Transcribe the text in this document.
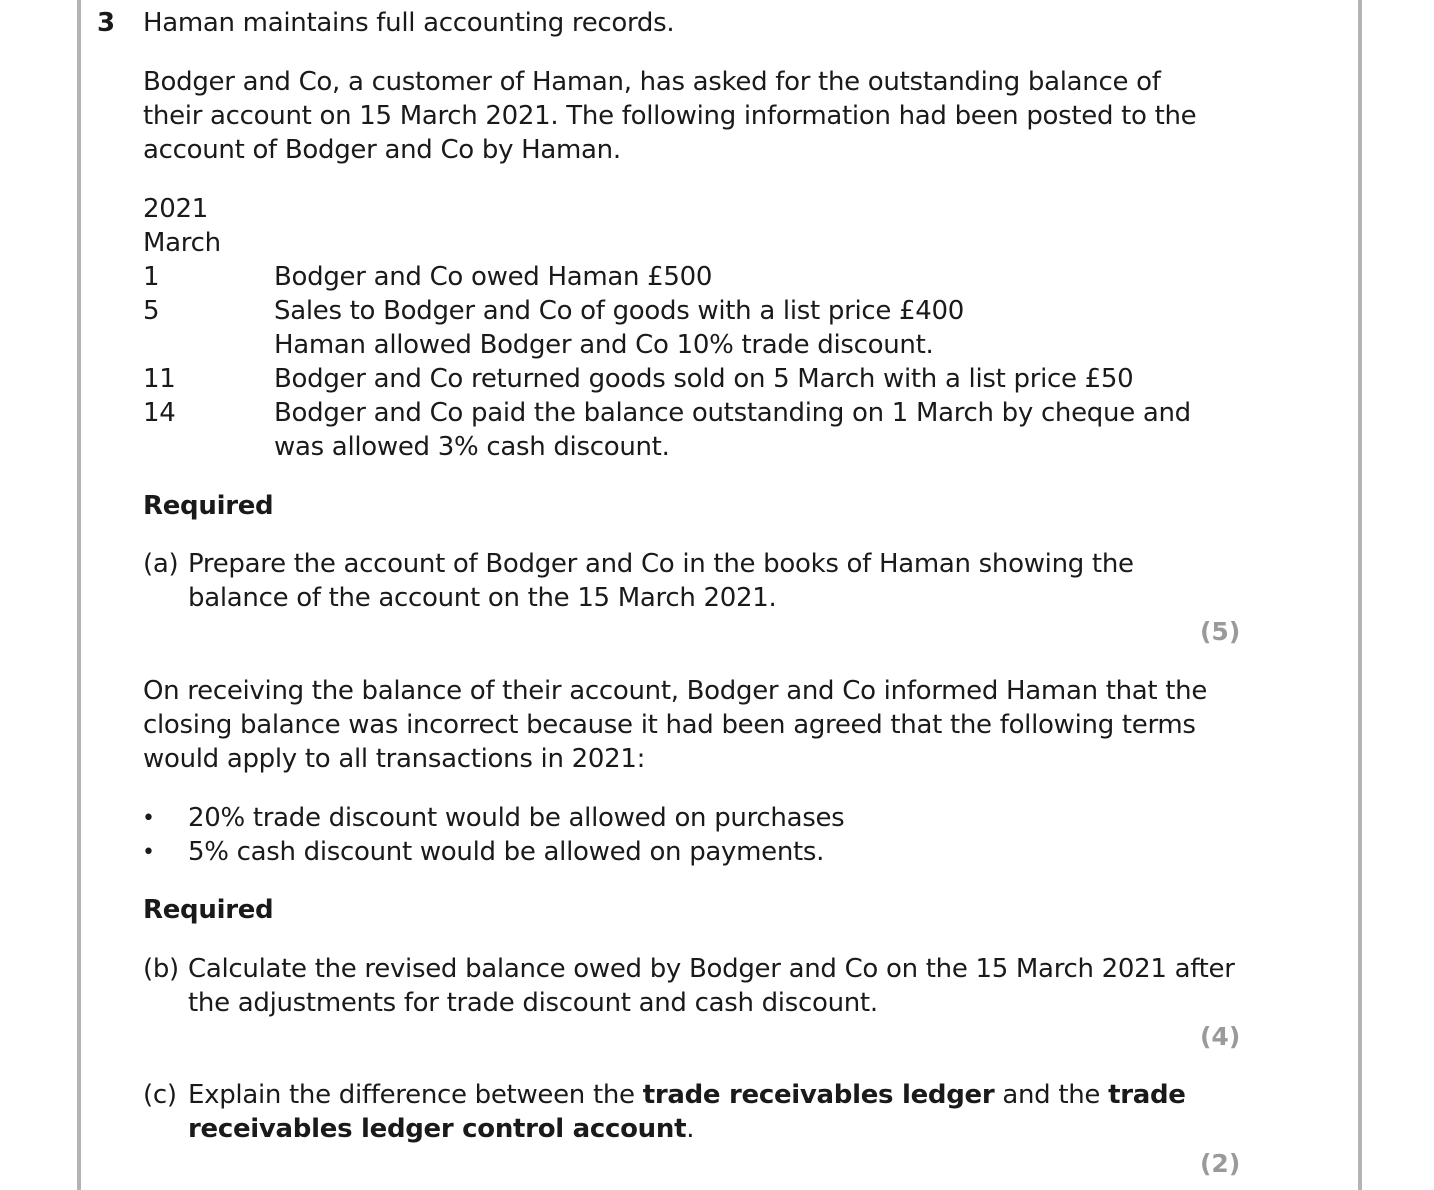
3 Haman maintains full accounting records.
Bodger and Co, a customer of Haman, has asked for the outstanding balance of
their account on 15 March 2021. The following information had been posted to the
account of Bodger and Co by Haman.
2021
March
1	Bodger and Co owed Haman £500
5	Sales to Bodger and Co of goods with a list price £400
Haman allowed Bodger and Co 10% trade discount.
11	Bodger and Co returned goods sold on 5 March with a list price £50
14	Bodger and Co paid the balance outstanding on 1 March by cheque and
was allowed 3% cash discount.
Required
(a) Prepare the account of Bodger and Co in the books of Haman showing the
balance of the account on the 15 March 2021.
(5)
On receiving the balance of their account, Bodger and Co informed Haman that the
closing balance was incorrect because it had been agreed that the following terms
would apply to all transactions in 2021:
• 20% trade discount would be allowed on purchases
• 5% cash discount would be allowed on payments.
Required
(b) Calculate the revised balance owed by Bodger and Co on the 15 March 2021 after
the adjustments for trade discount and cash discount.
(4)
(c) Explain the difference between the trade receivables ledger and the trade
receivables ledger control account.
(2)
